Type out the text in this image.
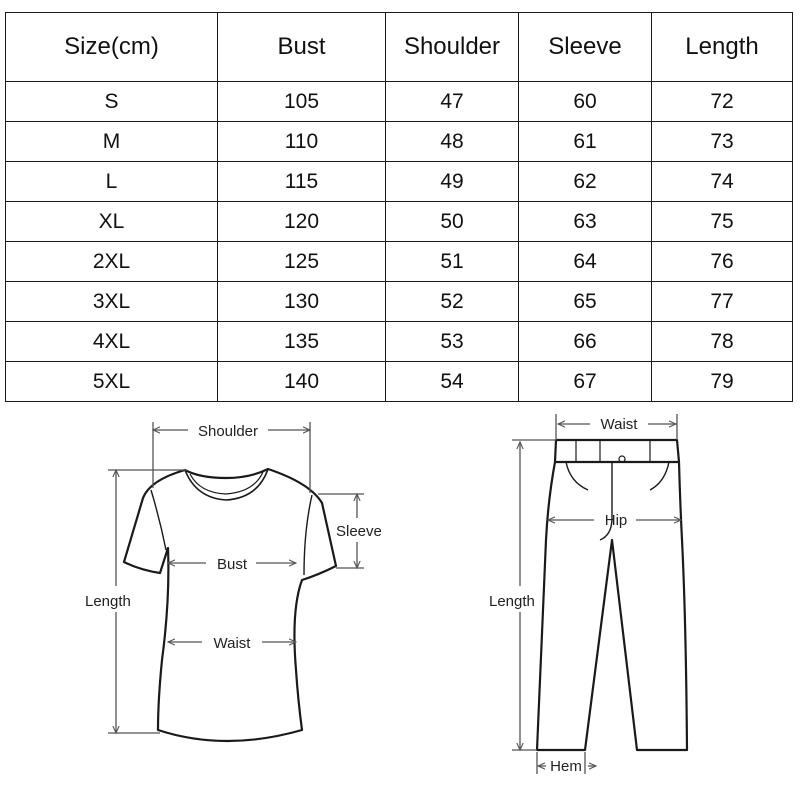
Size(cm)	Bust	Shoulder	Sleeve	Length
S	105	47	60	72
M	110	48	61	73
L	115	49	62	74
XL	120	50	63	75
2XL	125	51	64	76
3XL	130	52	65	77
4XL	135	53	66	78
5XL	140	54	67	79
Shoulder
Sleeve
Bust
Waist
Length
Waist
Hip
Length
Hem
